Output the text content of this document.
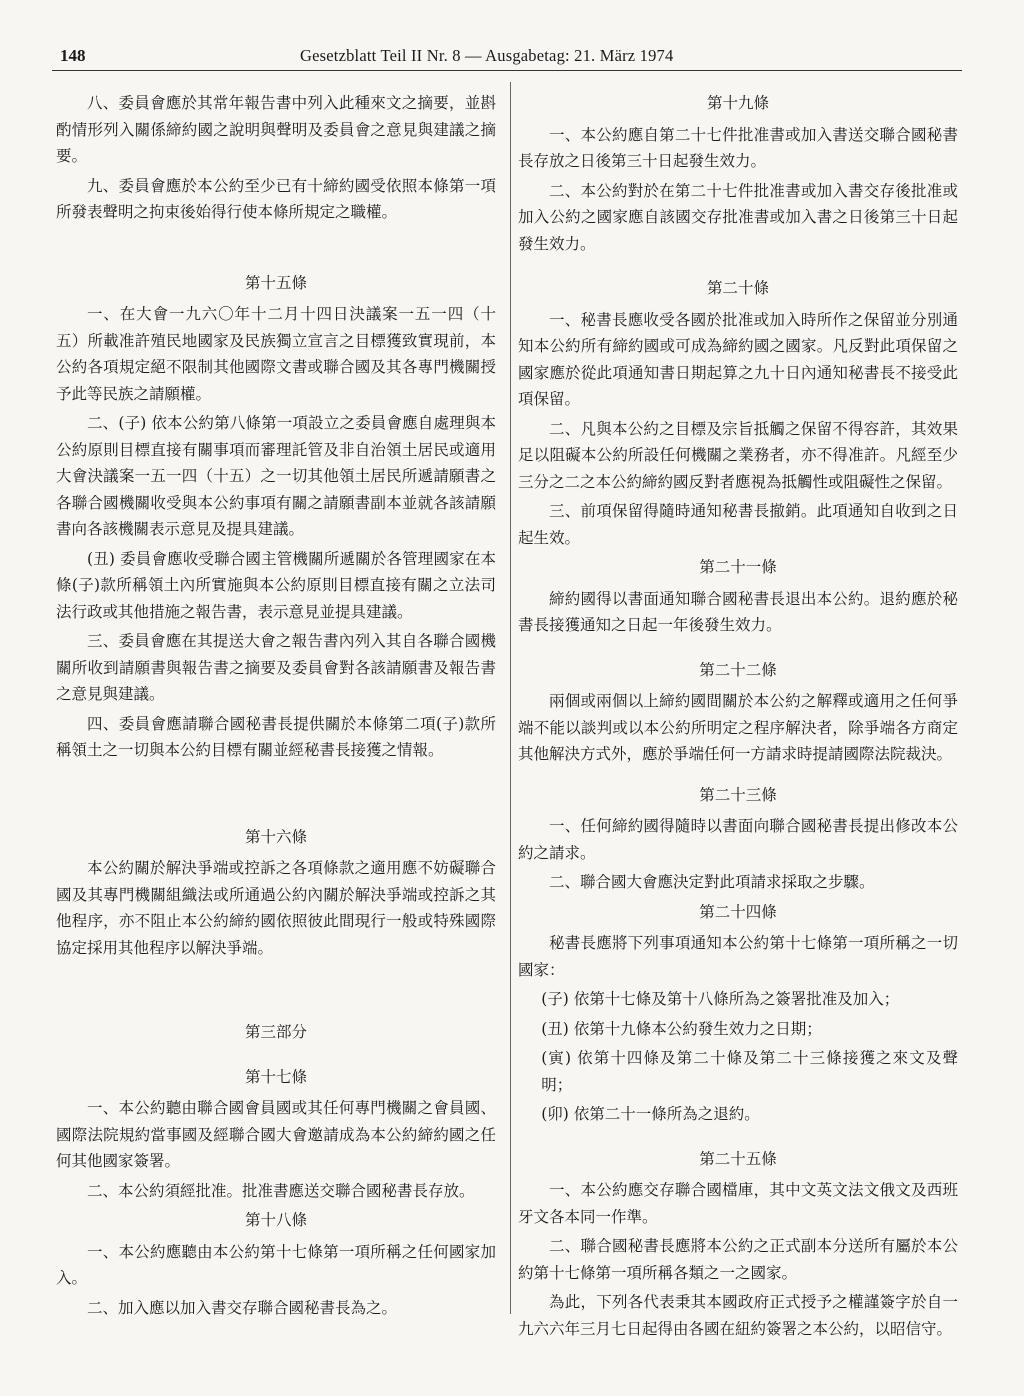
148	Gesetzblatt Teil II Nr. 8 — Ausgabetag: 21. März 1974

八、委員會應於其常年報告書中列入此種來文之摘要，並斟酌情形列入關係締約國之說明與聲明及委員會之意見與建議之摘要。

九、委員會應於本公約至少已有十締約國受依照本條第一項所發表聲明之拘束後始得行使本條所規定之職權。

第十五條

一、在大會一九六〇年十二月十四日決議案一五一四（十五）所載准許殖民地國家及民族獨立宣言之目標獲致實現前，本公約各項規定絕不限制其他國際文書或聯合國及其各專門機關授予此等民族之請願權。

二、(子) 依本公約第八條第一項設立之委員會應自處理與本公約原則目標直接有關事項而審理託管及非自治領土居民或適用大會決議案一五一四（十五）之一切其他領土居民所遞請願書之各聯合國機關收受與本公約事項有關之請願書副本並就各該請願書向各該機關表示意見及提具建議。

(丑) 委員會應收受聯合國主管機關所遞關於各管理國家在本條(子)款所稱領土內所實施與本公約原則目標直接有關之立法司法行政或其他措施之報告書，表示意見並提具建議。

三、委員會應在其提送大會之報告書內列入其自各聯合國機關所收到請願書與報告書之摘要及委員會對各該請願書及報告書之意見與建議。

四、委員會應請聯合國秘書長提供關於本條第二項(子)款所稱領土之一切與本公約目標有關並經秘書長接獲之情報。

第十六條

本公約關於解決爭端或控訴之各項條款之適用應不妨礙聯合國及其專門機關組織法或所通過公約內關於解決爭端或控訴之其他程序，亦不阻止本公約締約國依照彼此間現行一般或特殊國際協定採用其他程序以解決爭端。

第三部分

第十七條

一、本公約聽由聯合國會員國或其任何專門機關之會員國、國際法院規約當事國及經聯合國大會邀請成為本公約締約國之任何其他國家簽署。

二、本公約須經批准。批准書應送交聯合國秘書長存放。

第十八條

一、本公約應聽由本公約第十七條第一項所稱之任何國家加入。

二、加入應以加入書交存聯合國秘書長為之。

第十九條

一、本公約應自第二十七件批准書或加入書送交聯合國秘書長存放之日後第三十日起發生效力。

二、本公約對於在第二十七件批准書或加入書交存後批准或加入公約之國家應自該國交存批准書或加入書之日後第三十日起發生效力。

第二十條

一、秘書長應收受各國於批准或加入時所作之保留並分別通知本公約所有締約國或可成為締約國之國家。凡反對此項保留之國家應於從此項通知書日期起算之九十日內通知秘書長不接受此項保留。

二、凡與本公約之目標及宗旨抵觸之保留不得容許，其效果足以阻礙本公約所設任何機關之業務者，亦不得准許。凡經至少三分之二之本公約締約國反對者應視為抵觸性或阻礙性之保留。

三、前項保留得隨時通知秘書長撤銷。此項通知自收到之日起生效。

第二十一條

締約國得以書面通知聯合國秘書長退出本公約。退約應於秘書長接獲通知之日起一年後發生效力。

第二十二條

兩個或兩個以上締約國間關於本公約之解釋或適用之任何爭端不能以談判或以本公約所明定之程序解決者，除爭端各方商定其他解決方式外，應於爭端任何一方請求時提請國際法院裁決。

第二十三條

一、任何締約國得隨時以書面向聯合國秘書長提出修改本公約之請求。

二、聯合國大會應決定對此項請求採取之步驟。

第二十四條

秘書長應將下列事項通知本公約第十七條第一項所稱之一切國家：

(子) 依第十七條及第十八條所為之簽署批准及加入；

(丑) 依第十九條本公約發生效力之日期；

(寅) 依第十四條及第二十條及第二十三條接獲之來文及聲明；

(卯) 依第二十一條所為之退約。

第二十五條

一、本公約應交存聯合國檔庫，其中文英文法文俄文及西班牙文各本同一作準。

二、聯合國秘書長應將本公約之正式副本分送所有屬於本公約第十七條第一項所稱各類之一之國家。

為此，下列各代表秉其本國政府正式授予之權謹簽字於自一九六六年三月七日起得由各國在紐約簽署之本公約，以昭信守。
